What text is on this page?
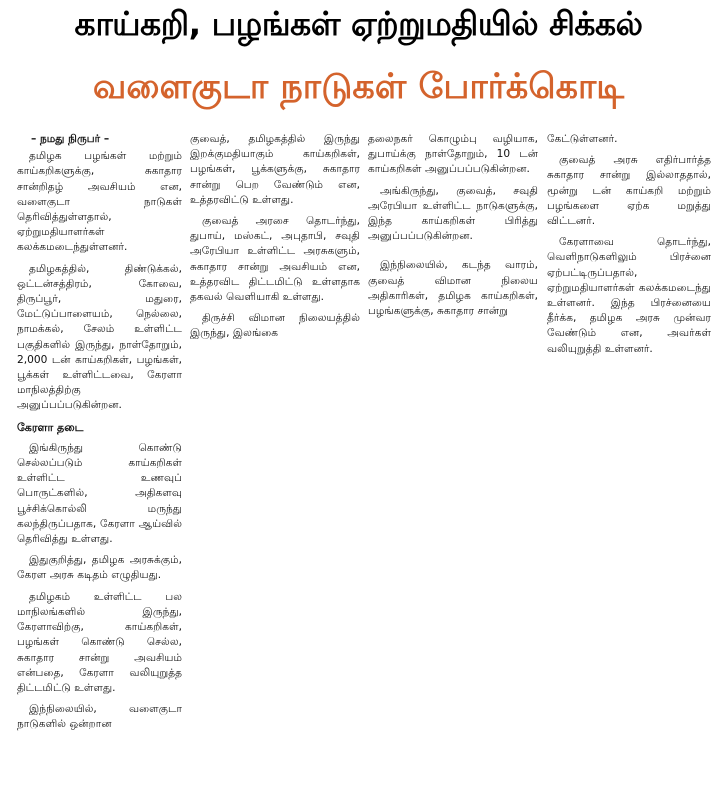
காய்கறி, பழங்கள் ஏற்றுமதியில் சிக்கல்
வளைகுடா நாடுகள் போர்க்கொடி

– நமது நிருபர் –

தமிழக பழங்கள் மற்றும் காய்கறிகளுக்கு, சுகாதார சான்றிதழ் அவசியம் என, வளைகுடா நாடுகள் தெரிவித்துள்ளதால், ஏற்றுமதியாளர்கள் கலக்கமடைந்துள்ளனர்.

தமிழகத்தில், திண்டுக்கல், ஒட்டன்சத்திரம், கோவை, திருப்பூர், மதுரை, மேட்டுப்பாளையம், நெல்லை, நாமக்கல், சேலம் உள்ளிட்ட பகுதிகளில் இருந்து, நாள்தோறும், 2,000 டன் காய்கறிகள், பழங்கள், பூக்கள் உள்ளிட்டவை, கேரளா மாநிலத்திற்கு அனுப்பப்படுகின்றன.

கேரளா தடை

இங்கிருந்து கொண்டு செல்லப்படும் காய்கறிகள் உள்ளிட்ட உணவுப் பொருட்களில், அதிகளவு பூச்சிக்கொல்லி மருந்து கலந்திருப்பதாக, கேரளா ஆய்வில் தெரிவித்து உள்ளது.

இதுகுறித்து, தமிழக அரசுக்கும், கேரள அரசு கடிதம் எழுதியது.

தமிழகம் உள்ளிட்ட பல மாநிலங்களில் இருந்து, கேரளாவிற்கு, காய்கறிகள், பழங்கள் கொண்டு செல்ல, சுகாதார சான்று அவசியம் என்பதை, கேரளா வலியுறுத்த திட்டமிட்டு உள்ளது.

இந்நிலையில், வளைகுடா நாடுகளில் ஒன்றான

குவைத், தமிழகத்தில் இருந்து இறக்குமதியாகும் காய்கறிகள், பழங்கள், பூக்களுக்கு, சுகாதார சான்று பெற வேண்டும் என, உத்தரவிட்டு உள்ளது.

குவைத் அரசை தொடர்ந்து, துபாய், மஸ்கட், அபுதாபி, சவுதி அரேபியா உள்ளிட்ட அரசுகளும், சுகாதார சான்று அவசியம் என, உத்தரவிட திட்டமிட்டு உள்ளதாக தகவல் வெளியாகி உள்ளது.

திருச்சி விமான நிலையத்தில் இருந்து, இலங்கை

தலைநகர் கொழும்பு வழியாக, துபாய்க்கு நாள்தோறும், 10 டன் காய்கறிகள் அனுப்பப்படுகின்றன.

அங்கிருந்து, குவைத், சவுதி அரேபியா உள்ளிட்ட நாடுகளுக்கு, இந்த காய்கறிகள் பிரித்து அனுப்பப்படுகின்றன.

இந்நிலையில், கடந்த வாரம், குவைத் விமான நிலைய அதிகாரிகள், தமிழக காய்கறிகள், பழங்களுக்கு, சுகாதார சான்று

கேட்டுள்ளனர்.

குவைத் அரசு எதிர்பார்த்த சுகாதார சான்று இல்லாததால், மூன்று டன் காய்கறி மற்றும் பழங்களை ஏற்க மறுத்து விட்டனர்.

கேரளாவை தொடர்ந்து, வெளிநாடுகளிலும் பிரச்னை ஏற்பட்டிருப்பதால், ஏற்றுமதியாளர்கள் கலக்கமடைந்து உள்ளனர். இந்த பிரச்னையை தீர்க்க, தமிழக அரசு முன்வர வேண்டும் என, அவர்கள் வலியுறுத்தி உள்ளனர்.
